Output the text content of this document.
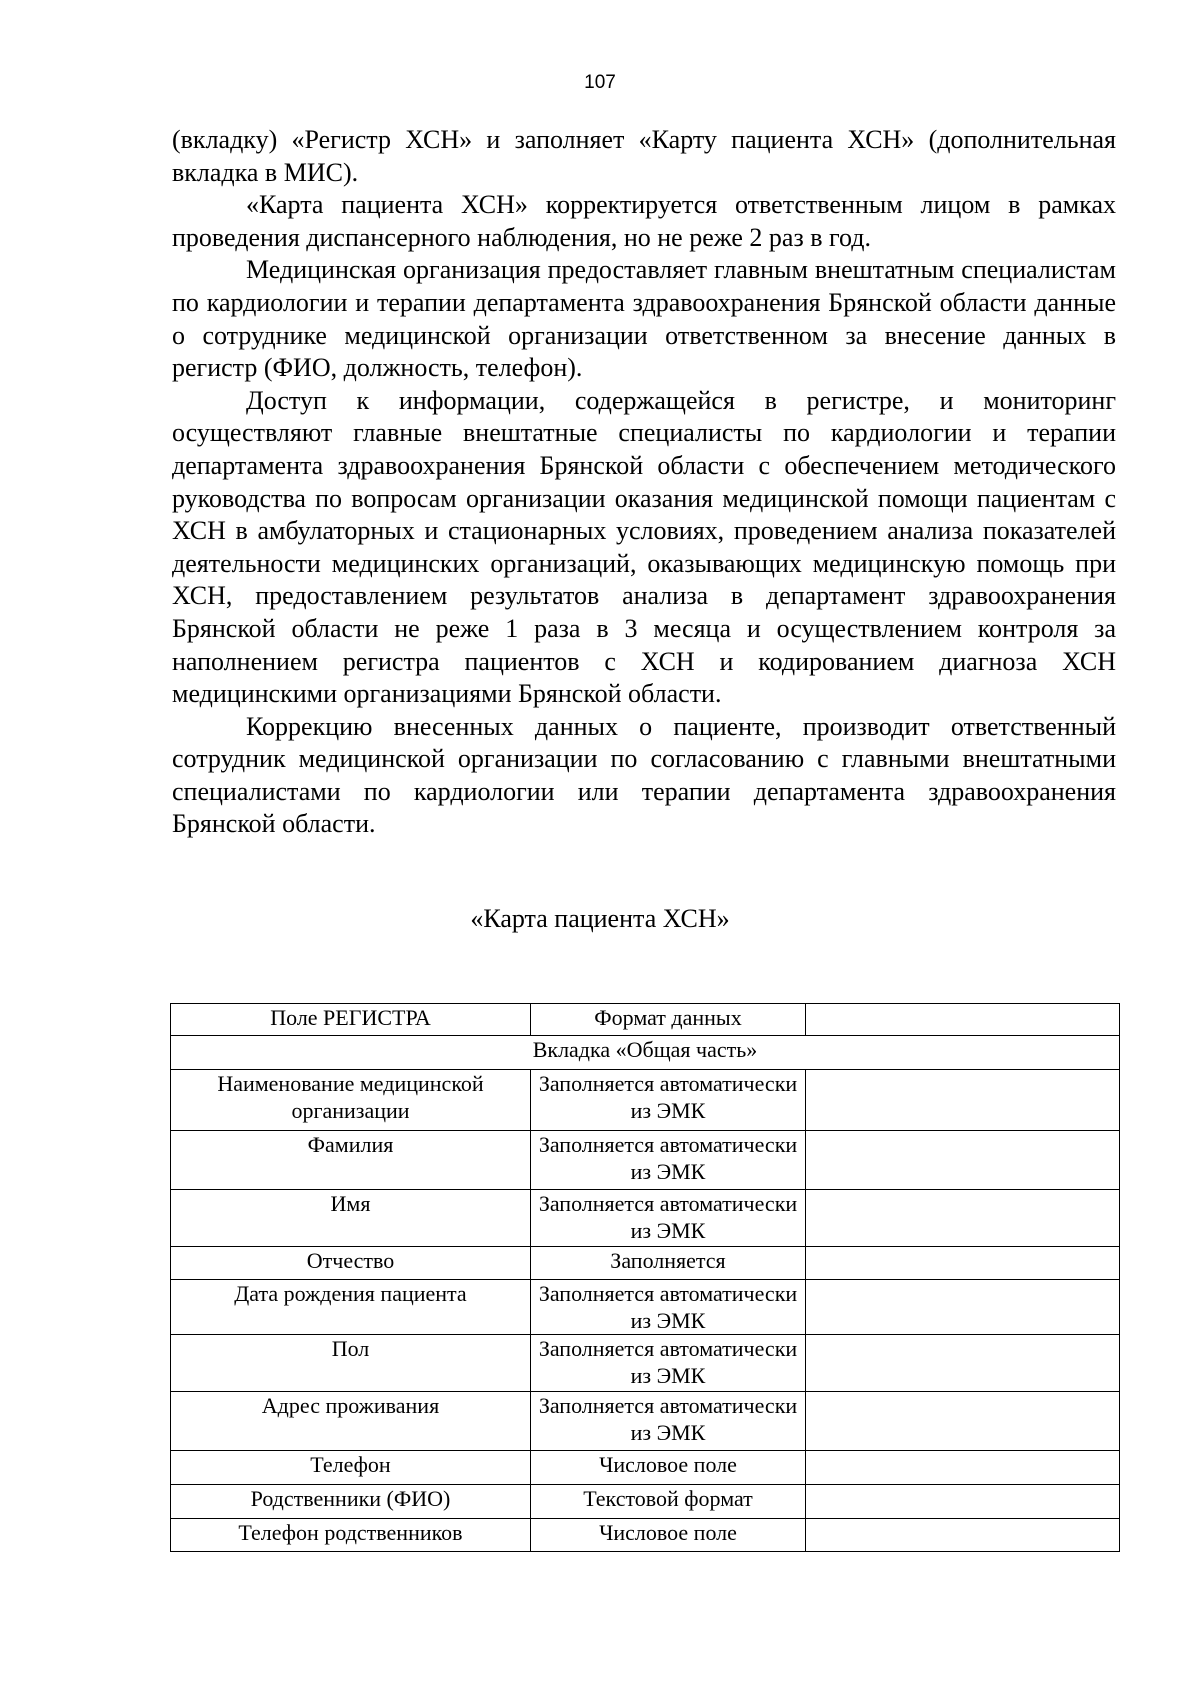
107

(вкладку) «Регистр ХСН» и заполняет «Карту пациента ХСН» (дополнительная вкладка в МИС).

«Карта пациента ХСН» корректируется ответственным лицом в рамках проведения диспансерного наблюдения, но не реже 2 раз в год.

Медицинская организация предоставляет главным внештатным специалистам по кардиологии и терапии департамента здравоохранения Брянской области данные о сотруднике медицинской организации ответственном за внесение данных в регистр (ФИО, должность, телефон).

Доступ к информации, содержащейся в регистре, и мониторинг осуществляют главные внештатные специалисты по кардиологии и терапии департамента здравоохранения Брянской области с обеспечением методического руководства по вопросам организации оказания медицинской помощи пациентам с ХСН в амбулаторных и стационарных условиях, проведением анализа показателей деятельности медицинских организаций, оказывающих медицинскую помощь при ХСН, предоставлением результатов анализа в департамент здравоохранения Брянской области не реже 1 раза в 3 месяца и осуществлением контроля за наполнением регистра пациентов с ХСН и кодированием диагноза ХСН медицинскими организациями Брянской области.

Коррекцию внесенных данных о пациенте, производит ответственный сотрудник медицинской организации по согласованию с главными внештатными специалистами по кардиологии или терапии департамента здравоохранения Брянской области.

«Карта пациента ХСН»
Поле РЕГИСТРА	Формат данных	
Вкладка «Общая часть»		
Наименование медицинской организации	Заполняется автоматически из ЭМК	
Фамилия	Заполняется автоматически из ЭМК	
Имя	Заполняется автоматически из ЭМК	
Отчество	Заполняется	
Дата рождения пациента	Заполняется автоматически из ЭМК	
Пол	Заполняется автоматически из ЭМК	
Адрес проживания	Заполняется автоматически из ЭМК	
Телефон	Числовое поле	
Родственники (ФИО)	Текстовой формат	
Телефон родственников	Числовое поле	
